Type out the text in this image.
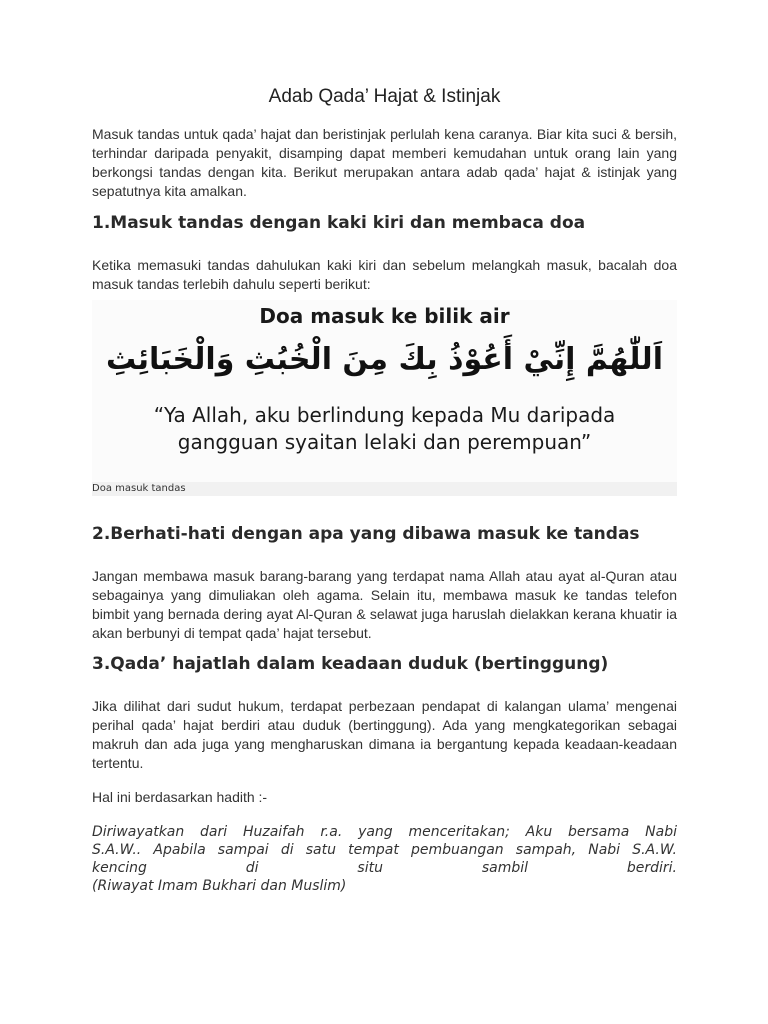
Adab Qada’ Hajat & Istinjak

Masuk tandas untuk qada’ hajat dan beristinjak perlulah kena caranya. Biar kita suci & bersih, terhindar daripada penyakit, disamping dapat memberi kemudahan untuk orang lain yang berkongsi tandas dengan kita. Berikut merupakan antara adab qada’ hajat & istinjak yang sepatutnya kita amalkan.

1.Masuk tandas dengan kaki kiri dan membaca doa

Ketika memasuki tandas dahulukan kaki kiri dan sebelum melangkah masuk, bacalah doa masuk tandas terlebih dahulu seperti berikut:

Doa masuk ke bilik air
اَللّٰهُمَّ إِنِّيْ أَعُوْذُ بِكَ مِنَ الْخُبُثِ وَالْخَبَائِثِ
“Ya Allah, aku berlindung kepada Mu daripada
gangguan syaitan lelaki dan perempuan”
Doa masuk tandas
2.Berhati-hati dengan apa yang dibawa masuk ke tandas

Jangan membawa masuk barang-barang yang terdapat nama Allah atau ayat al-Quran atau sebagainya yang dimuliakan oleh agama. Selain itu, membawa masuk ke tandas telefon bimbit yang bernada dering ayat Al-Quran & selawat juga haruslah dielakkan kerana khuatir ia akan berbunyi di tempat qada’ hajat tersebut.

3.Qada’ hajatlah dalam keadaan duduk (bertinggung)

Jika dilihat dari sudut hukum, terdapat perbezaan pendapat di kalangan ulama’ mengenai perihal qada’ hajat berdiri atau duduk (bertinggung). Ada yang mengkategorikan sebagai makruh dan ada juga yang mengharuskan dimana ia bergantung kepada keadaan-keadaan tertentu.

Hal ini berdasarkan hadith :-

Diriwayatkan dari Huzaifah r.a. yang menceritakan; Aku bersama Nabi
S.A.W.. Apabila sampai di satu tempat pembuangan sampah, Nabi S.A.W.
kencing di situ sambil berdiri.
(Riwayat Imam Bukhari dan Muslim)
